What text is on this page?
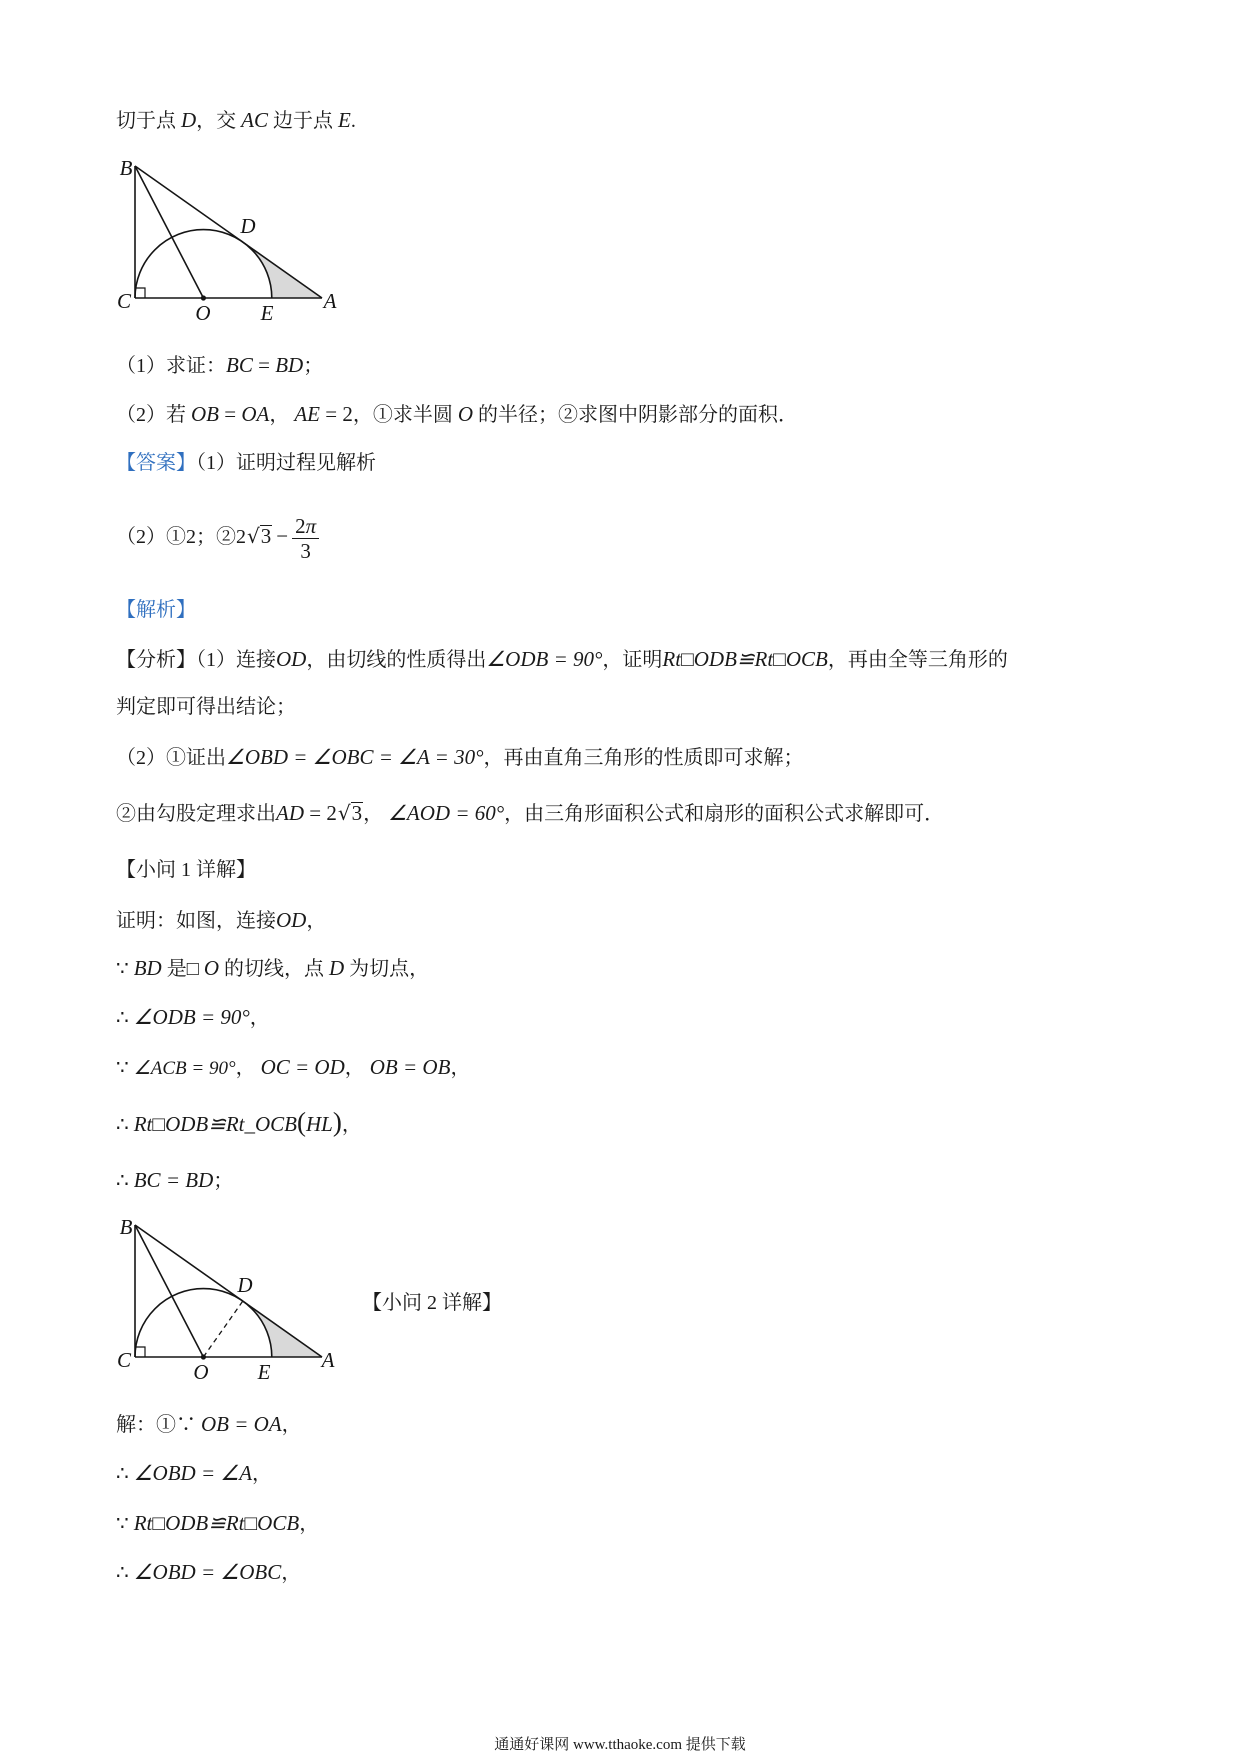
切于点 D，交 AC 边于点 E.
B
C	O E A
D
（1）求证：BC = BD；
（2）若 OB = OA， AE = 2，①求半圆 O 的半径；②求图中阴影部分的面积．
【答案】（1）证明过程见解析
（2）①2；②2√3 − $\frac{2\pi}{3}$
【解析】
【分析】（1）连接OD，由切线的性质得出∠ODB = 90°，证明Rt□ODB≌Rt□OCB，再由全等三角形的
判定即可得出结论；
（2）①证出∠OBD = ∠OBC = ∠A = 30°，再由直角三角形的性质即可求解；
②由勾股定理求出AD = 2√3， ∠AOD = 60°，由三角形面积公式和扇形的面积公式求解即可．
【小问 1 详解】
证明：如图，连接OD，
∵ BD 是□ O 的切线，点 D 为切点，
∴ ∠ODB = 90°，
∵ ∠ACB = 90°， OC = OD， OB = OB，
∴ Rt□ODB≌Rt_OCB(HL)，
∴ BC = BD；
B
C	O E A
D
【小问 2 详解】
解：①∵ OB = OA，
∴ ∠OBD = ∠A，
∵ Rt□ODB≌Rt□OCB，
∴ ∠OBD = ∠OBC，
通通好课网 www.tthaoke.com 提供下载
